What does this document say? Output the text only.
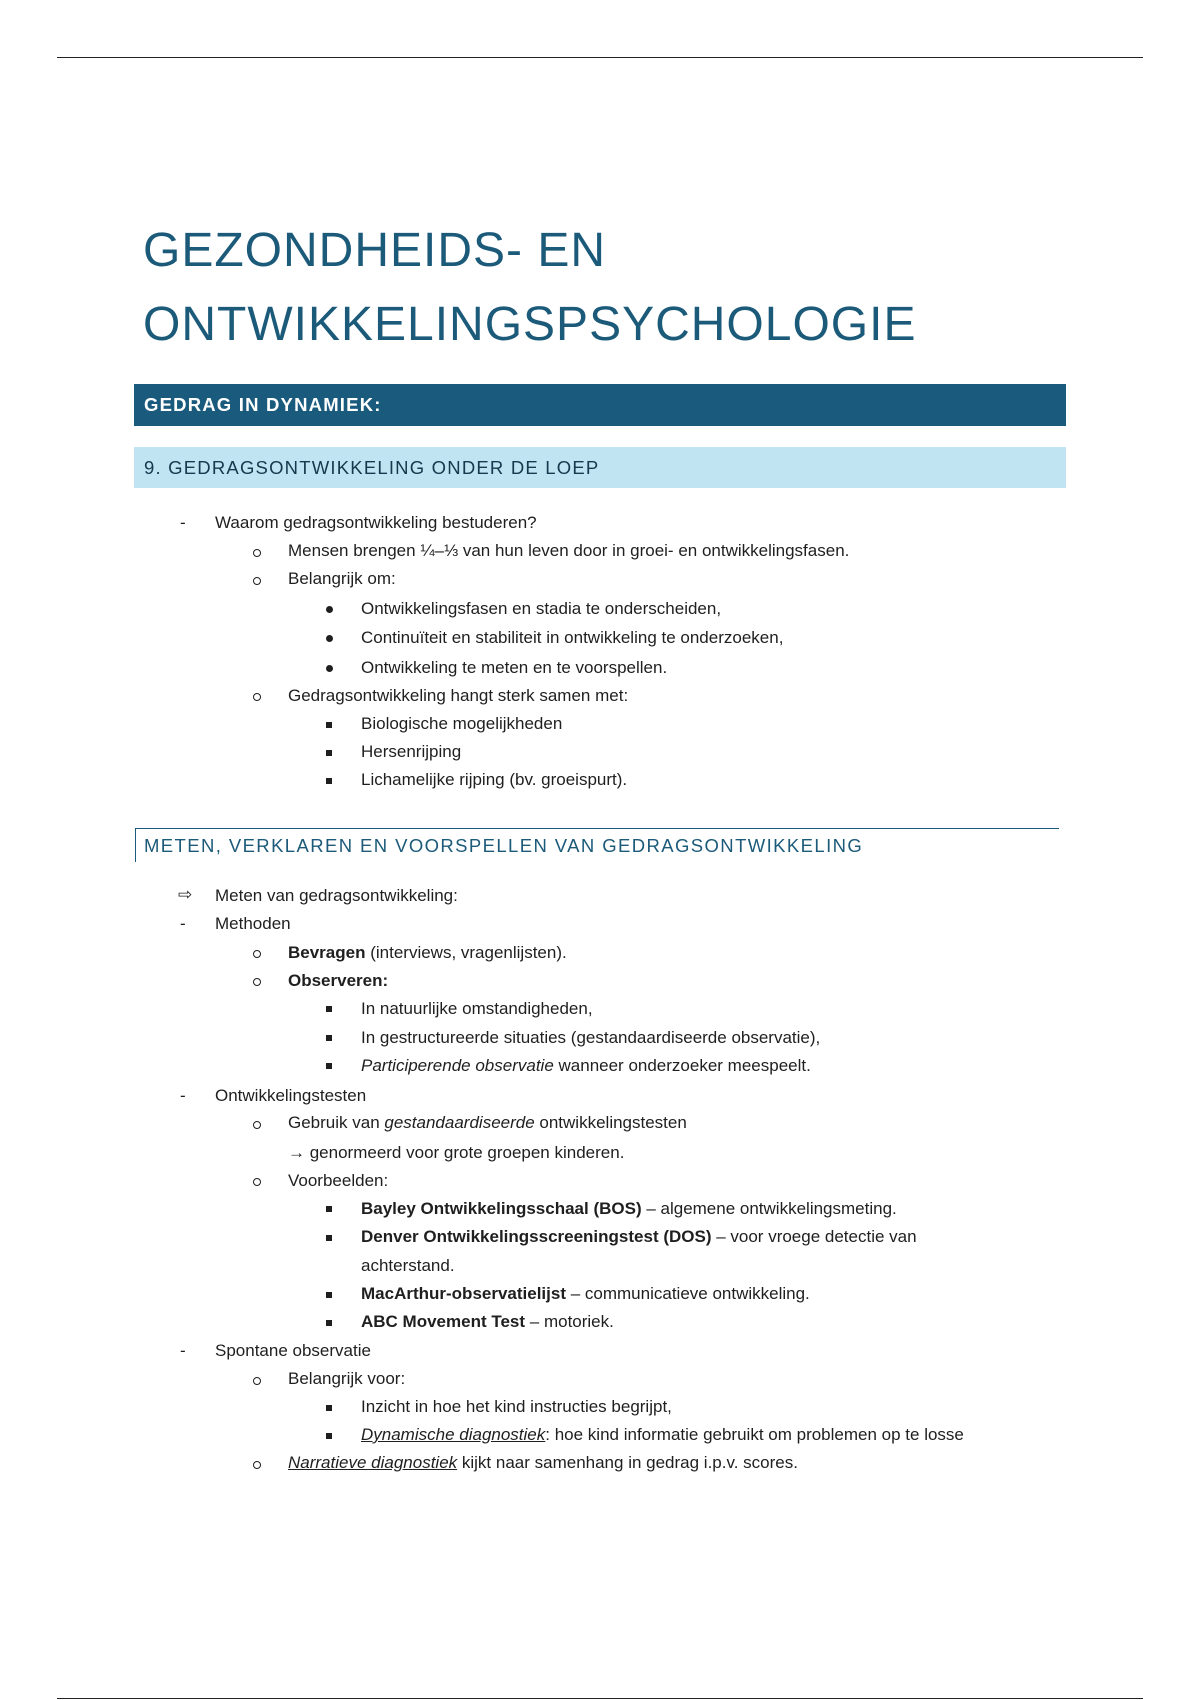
GEZONDHEIDS- EN
ONTWIKKELINGSPSYCHOLOGIE
GEDRAG IN DYNAMIEK:
9. GEDRAGSONTWIKKELING ONDER DE LOEP
- Waarom gedragsontwikkeling bestuderen?
Mensen brengen ¼–⅓ van hun leven door in groei- en ontwikkelingsfasen.
Belangrijk om:
Ontwikkelingsfasen en stadia te onderscheiden,
Continuïteit en stabiliteit in ontwikkeling te onderzoeken,
Ontwikkeling te meten en te voorspellen.
Gedragsontwikkeling hangt sterk samen met:
Biologische mogelijkheden
Hersenrijping
Lichamelijke rijping (bv. groeispurt).
METEN, VERKLAREN EN VOORSPELLEN VAN GEDRAGSONTWIKKELING
⇨ Meten van gedragsontwikkeling:
- Methoden
Bevragen (interviews, vragenlijsten).
Observeren:
In natuurlijke omstandigheden,
In gestructureerde situaties (gestandaardiseerde observatie),
Participerende observatie wanneer onderzoeker meespeelt.
- Ontwikkelingstesten
Gebruik van gestandaardiseerde ontwikkelingstesten
→ genormeerd voor grote groepen kinderen.
Voorbeelden:
Bayley Ontwikkelingsschaal (BOS) – algemene ontwikkelingsmeting.
Denver Ontwikkelingsscreeningstest (DOS) – voor vroege detectie van
achterstand.
MacArthur-observatielijst – communicatieve ontwikkeling.
ABC Movement Test – motoriek.
- Spontane observatie
Belangrijk voor:
Inzicht in hoe het kind instructies begrijpt,
Dynamische diagnostiek: hoe kind informatie gebruikt om problemen op te losse
Narratieve diagnostiek kijkt naar samenhang in gedrag i.p.v. scores.
